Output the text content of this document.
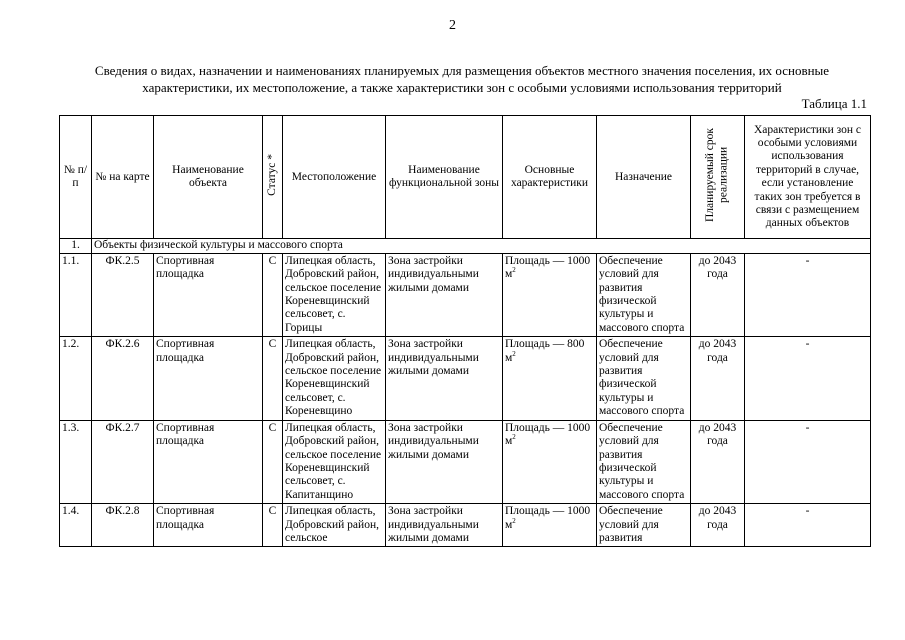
2
Сведения о видах, назначении и наименованиях планируемых для размещения объектов местного значения поселения, их основные характеристики, их местоположение, а также характеристики зон с особыми условиями использования территорий
Таблица 1.1
№ п/п	№ на карте	Наименование объекта	Статус *	Местоположение	Наименование функциональной зоны	Основные характеристики	Назначение	Планируемый срок реализации	Характеристики зон с особыми условиями использования территорий в случае, если установление таких зон требуется в связи с размещением данных объектов
1.	Объекты физической культуры и массового спорта								
1.1.	ФК.2.5	Спортивная площадка	С	Липецкая область, Добровский район, сельское поселение Кореневщинский сельсовет, с. Горицы	Зона застройки индивидуальными жилыми домами	Площадь — 1000 $м^2$	Обеспечение условий для развития физической культуры и массового спорта	до 2043 года	-
1.2.	ФК.2.6	Спортивная площадка	С	Липецкая область, Добровский район, сельское поселение Кореневщинский сельсовет, с. Кореневщино	Зона застройки индивидуальными жилыми домами	Площадь — 800 $м^2$	Обеспечение условий для развития физической культуры и массового спорта	до 2043 года	-
1.3.	ФК.2.7	Спортивная площадка	С	Липецкая область, Добровский район, сельское поселение Кореневщинский сельсовет, с. Капитанщино	Зона застройки индивидуальными жилыми домами	Площадь — 1000 $м^2$	Обеспечение условий для развития физической культуры и массового спорта	до 2043 года	-
1.4.	ФК.2.8	Спортивная площадка	С	Липецкая область, Добровский район, сельское	Зона застройки индивидуальными жилыми домами	Площадь — 1000 $м^2$	Обеспечение условий для развития	до 2043 года	-
